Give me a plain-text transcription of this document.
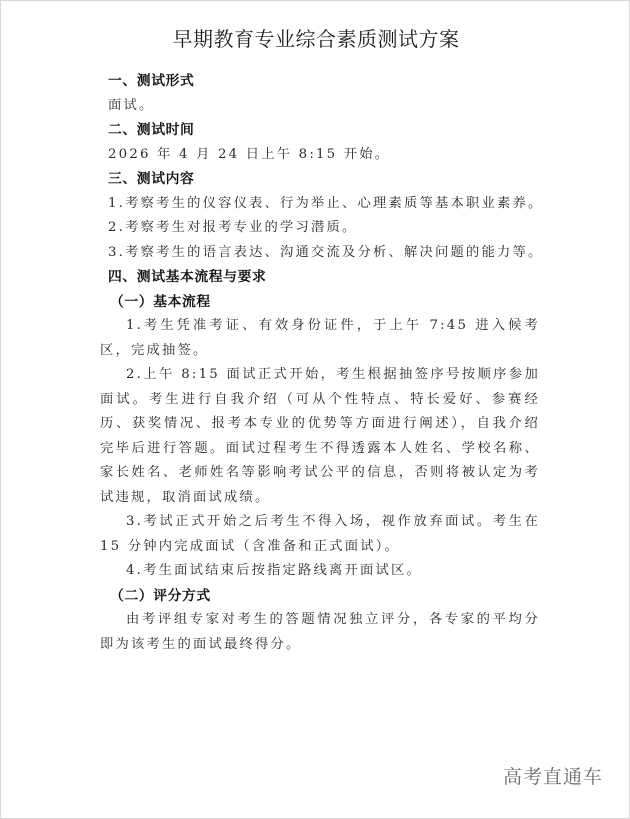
早期教育专业综合素质测试方案
一、测试形式
面试。
二、测试时间
2026 年 4 月 24 日上午 8:15 开始。
三、测试内容
1.考察考生的仪容仪表、行为举止、心理素质等基本职业素养。
2.考察考生对报考专业的学习潜质。
3.考察考生的语言表达、沟通交流及分析、解决问题的能力等。
四、测试基本流程与要求
（一）基本流程
1.考生凭准考证、有效身份证件，于上午 7:45 进入候考区，完成抽签。
2.上午 8:15 面试正式开始，考生根据抽签序号按顺序参加面试。考生进行自我介绍（可从个性特点、特长爱好、参赛经历、获奖情况、报考本专业的优势等方面进行阐述），自我介绍完毕后进行答题。面试过程考生不得透露本人姓名、学校名称、家长姓名、老师姓名等影响考试公平的信息，否则将被认定为考试违规，取消面试成绩。
3.考试正式开始之后考生不得入场，视作放弃面试。考生在 15 分钟内完成面试（含准备和正式面试）。
4.考生面试结束后按指定路线离开面试区。
（二）评分方式
由考评组专家对考生的答题情况独立评分，各专家的平均分即为该考生的面试最终得分。
高考直通车
